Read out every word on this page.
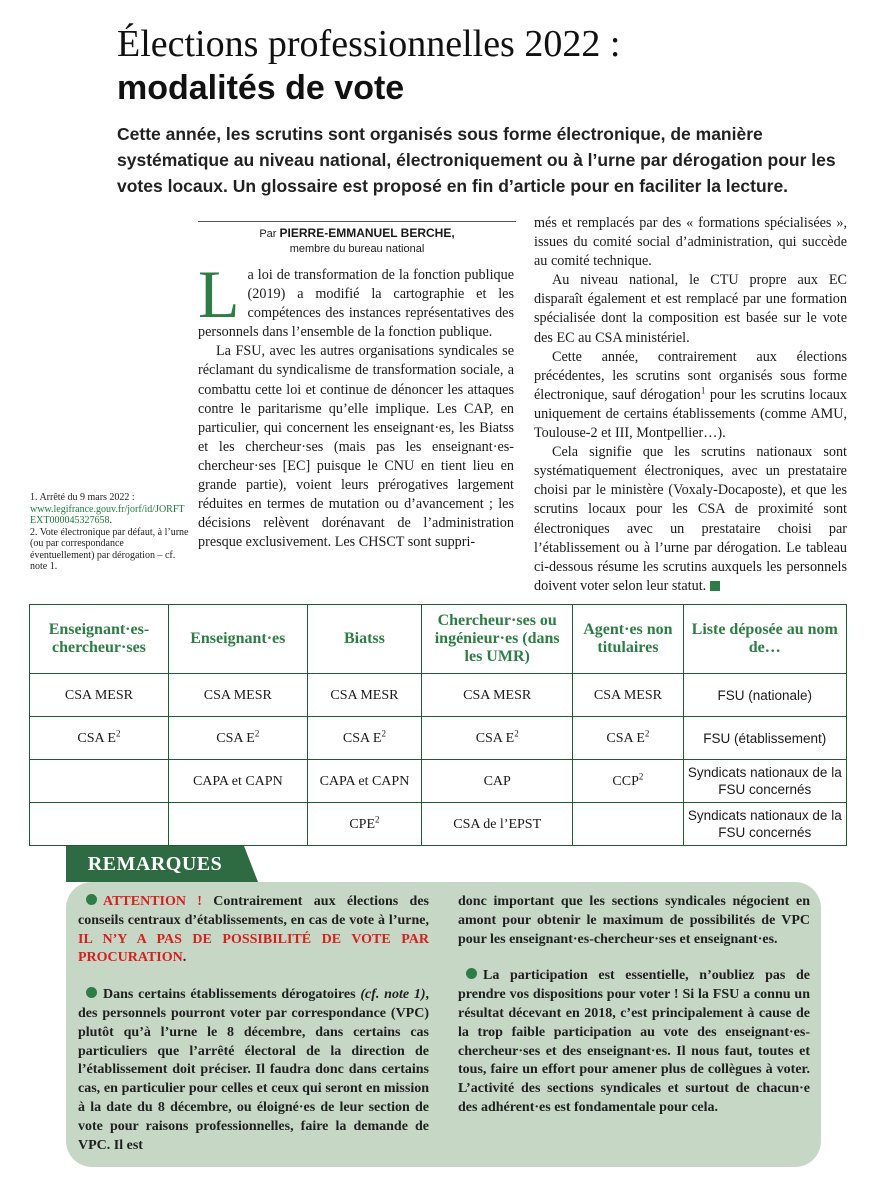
Élections professionnelles 2022 :
modalités de vote
Cette année, les scrutins sont organisés sous forme électronique, de manière systématique au niveau national, électroniquement ou à l’urne par dérogation pour les votes locaux. Un glossaire est proposé en fin d’article pour en faciliter la lecture.
Par PIERRE-EMMANUEL BERCHE,
membre du bureau national

La loi de transformation de la fonction publique (2019) a modifié la cartographie et les compétences des instances représentatives des personnels dans l’ensemble de la fonction publique.

La FSU, avec les autres organisations syndicales se réclamant du syndicalisme de transformation sociale, a combattu cette loi et continue de dénoncer les attaques contre le paritarisme qu’elle implique. Les CAP, en particulier, qui concernent les enseignant·es, les Biatss et les chercheur·ses (mais pas les enseignant·es-chercheur·ses [EC] puisque le CNU en tient lieu en grande partie), voient leurs prérogatives largement réduites en termes de mutation ou d’avancement ; les décisions relèvent dorénavant de l’administration presque exclusivement. Les CHSCT sont suppri-

més et remplacés par des « formations spécialisées », issues du comité social d’administration, qui succède au comité technique.

Au niveau national, le CTU propre aux EC disparaît également et est remplacé par une formation spécialisée dont la composition est basée sur le vote des EC au CSA ministériel.

Cette année, contrairement aux élections précédentes, les scrutins sont organisés sous forme électronique, sauf dérogation$^1$ pour les scrutins locaux uniquement de certains établissements (comme AMU, Toulouse-2 et III, Montpellier…).

Cela signifie que les scrutins nationaux sont systématiquement électroniques, avec un prestataire choisi par le ministère (Voxaly-Docaposte), et que les scrutins locaux pour les CSA de proximité sont électroniques avec un prestataire choisi par l’établissement ou à l’urne par dérogation. Le tableau ci-dessous résume les scrutins auxquels les personnels doivent voter selon leur statut.

1. Arrêté du 9 mars 2022 :
www.legifrance.gouv.fr/jorf/id/JORFTEXT000045327658.
2. Vote électronique par défaut, à l’urne (ou par correspondance éventuellement) par dérogation – cf. note 1.
Enseignant·es-chercheur·ses	Enseignant·es	Biatss	Chercheur·ses ou ingénieur·es (dans les UMR)	Agent·es non titulaires	Liste déposée au nom de…
CSA MESR	CSA MESR	CSA MESR	CSA MESR	CSA MESR	FSU (nationale)
CSA $E^2$	CSA $E^2$	CSA $E^2$	CSA $E^2$	CSA $E^2$	FSU (établissement)
	CAPA et CAPN	CAPA et CAPN	CAP	CCP$^2$	Syndicats nationaux de la FSU concernés
		CPE$^2$	CSA de l’EPST		Syndicats nationaux de la FSU concernés
REMARQUES

ATTENTION ! Contrairement aux élections des conseils centraux d’établissements, en cas de vote à l’urne, IL N’Y A PAS DE POSSIBILITÉ DE VOTE PAR PROCURATION.

Dans certains établissements dérogatoires (cf. note 1), des personnels pourront voter par correspondance (VPC) plutôt qu’à l’urne le 8 décembre, dans certains cas particuliers que l’arrêté électoral de la direction de l’établissement doit préciser. Il faudra donc dans certains cas, en particulier pour celles et ceux qui seront en mission à la date du 8 décembre, ou éloigné·es de leur section de vote pour raisons professionnelles, faire la demande de VPC. Il est

donc important que les sections syndicales négocient en amont pour obtenir le maximum de possibilités de VPC pour les enseignant·es-chercheur·ses et enseignant·es.

La participation est essentielle, n’oubliez pas de prendre vos dispositions pour voter ! Si la FSU a connu un résultat décevant en 2018, c’est principalement à cause de la trop faible participation au vote des enseignant·es-chercheur·ses et des enseignant·es. Il nous faut, toutes et tous, faire un effort pour amener plus de collègues à voter. L’activité des sections syndicales et surtout de chacun·e des adhérent·es est fondamentale pour cela.
